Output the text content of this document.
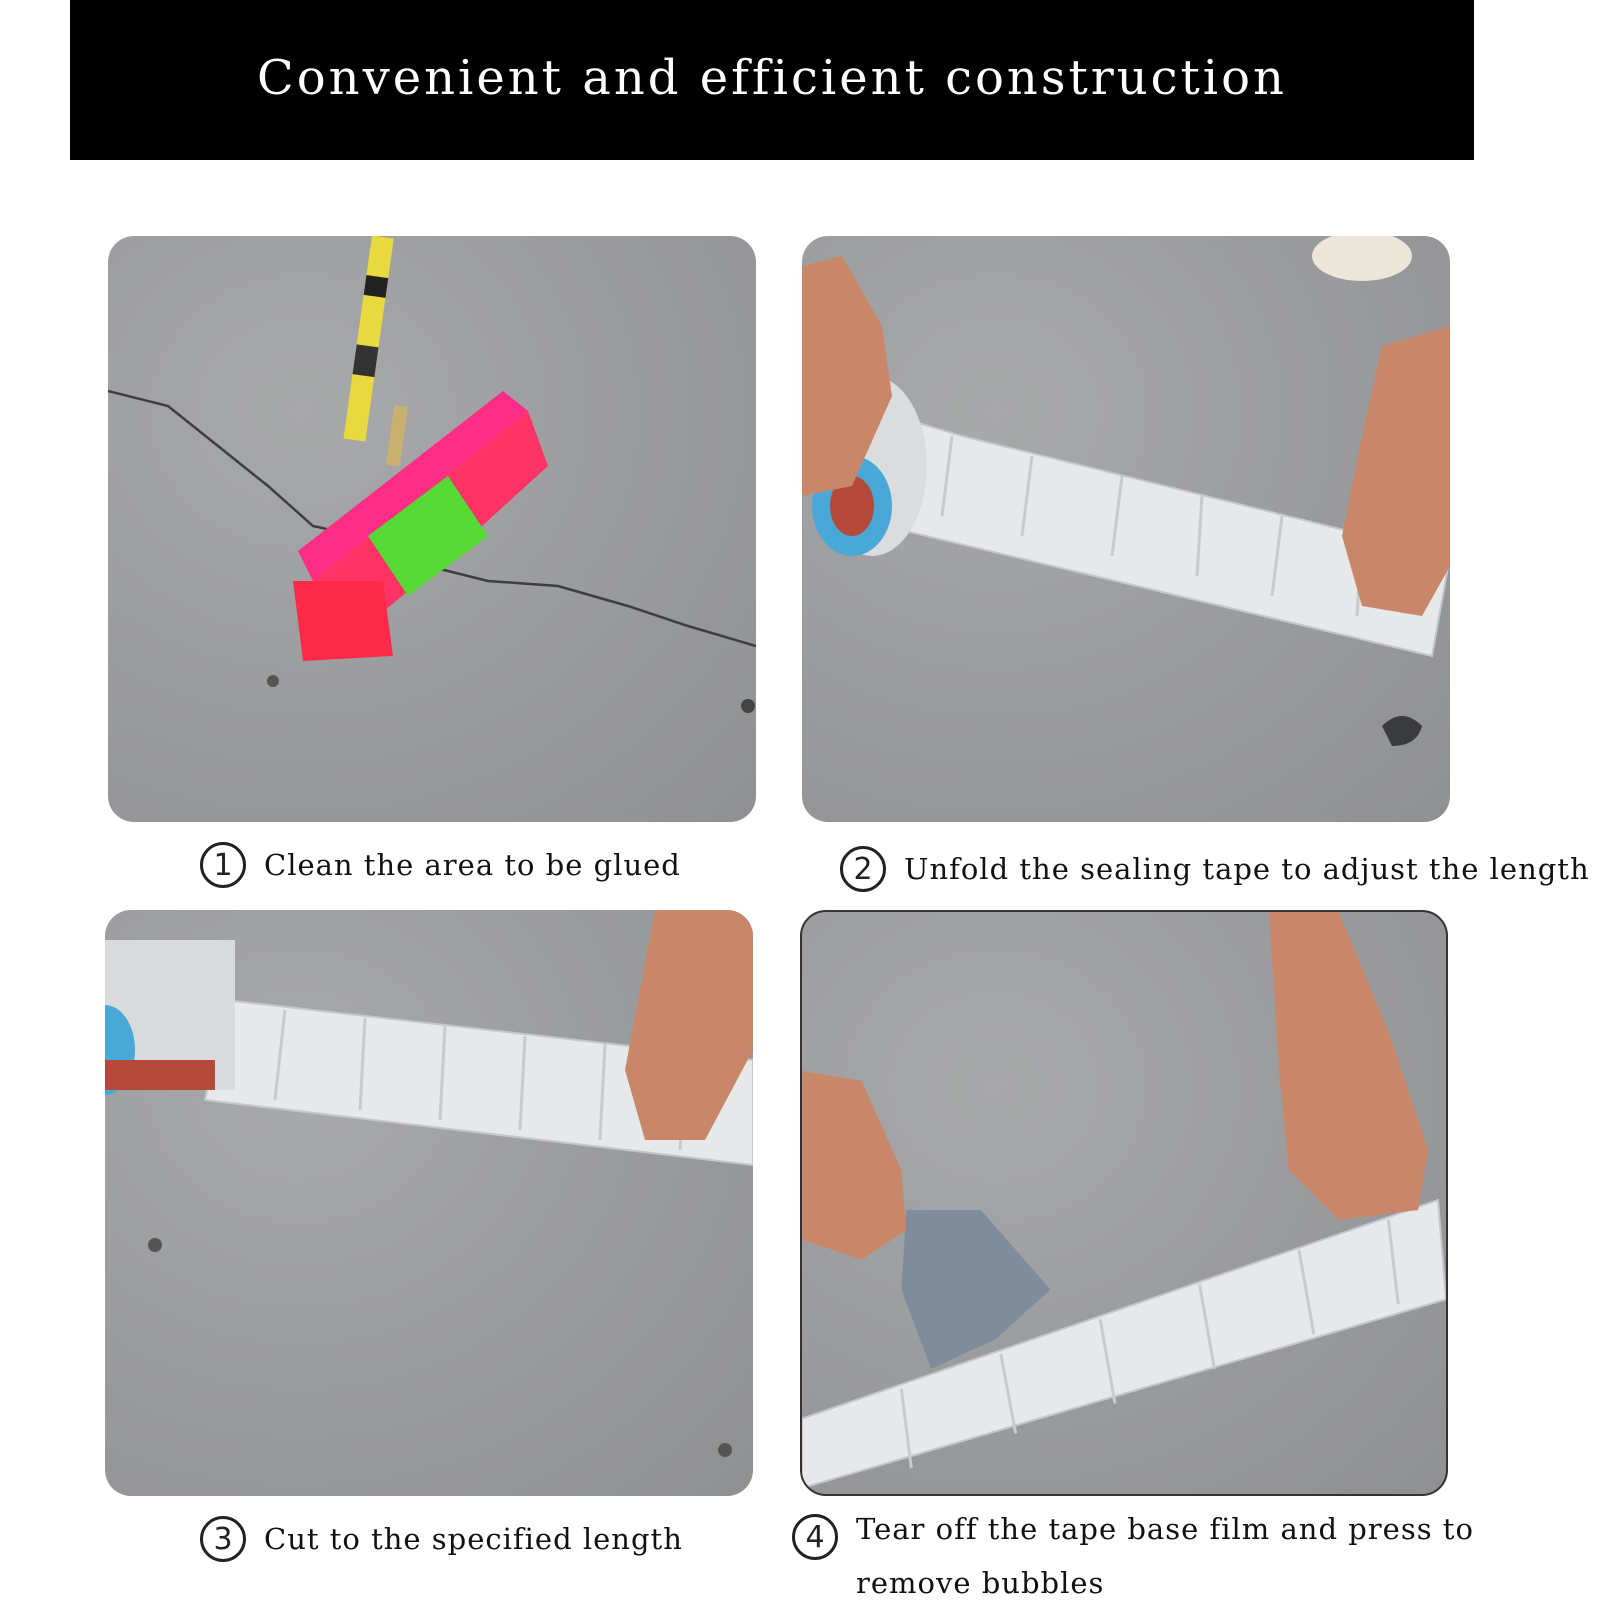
Convenient and efficient construction
1	Clean the area to be glued	2	Unfold the sealing tape to adjust the length
3	Cut to the specified length	4	Tear off the tape base film and press to remove bubbles
